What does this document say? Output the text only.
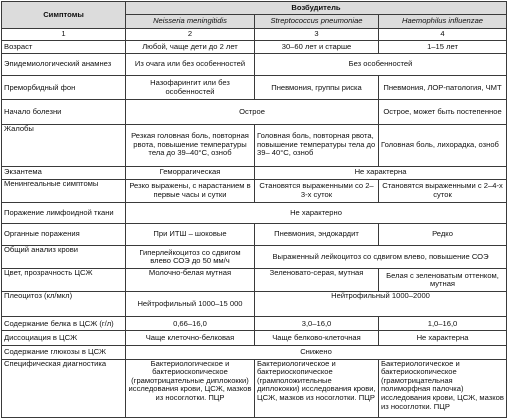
Симптомы	Возбудитель		
	Neisseria meningitidis	Streptococcus pneumoniae	Haemophilus influenzae
1	2	3	4
Возраст	Любой, чаще дети до 2 лет	30–60 лет и старше	1–15 лет
Эпидемиологический анамнез	Из очага или без особенностей	Без особенностей	
Преморбидный фон	Назофарингит или без особенностей	Пневмония, группы риска	Пневмония, ЛОР-патология, ЧМТ
Начало болезни	Острое		Острое, может быть постепенное
Жалобы	Резкая головная боль, повторная рвота, повышение температуры тела до 39–40°С, озноб	Головная боль, повторная рвота, повышение температуры тела до 39– 40°С, озноб	Головная боль, лихорадка, озноб
Экзантема	Геморрагическая	Не характерна	
Менингеальные симптомы	Резко выражены, с нарастанием в первые часы и сутки	Становятся выраженными со 2–3-х суток	Становятся выраженными с 2–4-х суток
Поражение лимфоидной ткани	Не характерно		
Органные поражения	При ИТШ – шоковые	Пневмония, эндокардит	Редко
Общий анализ крови	Гиперлейкоцитоз со сдвигом влево СОЭ до 50 мм/ч	Выраженный лейкоцитоз со сдвигом влево, повышение СОЭ	
Цвет, прозрачность ЦСЖ	Молочно-белая мутная	Зеленовато-серая, мутная	Белая с зеленоватым оттенком, мутная
Плеоцитоз (кл/мкл)	Нейтрофильный 1000–15 000	Нейтрофильный 1000–2000	
Содержание белка в ЦСЖ (г/л)	0,66–16,0	3,0–16,0	1,0–16,0
Диссоциация в ЦСЖ	Чаще клеточно-белковая	Чаще белково-клеточная	Не характерна
Содержание глюкозы в ЦСЖ	Снижено		
Специфическая диагностика	Бактериологическое и бактериоскопическое (грамотрицательные диплококки) исследования крови, ЦСЖ, мазков из носоглотки. ПЦР	Бактериологическое и бактериоскопическое (грамположительные диплококки) исследования крови, ЦСЖ, мазков из носоглотки. ПЦР	Бактериологическое и бактериоскопическое (грамотрицательная полиморфная палочка) исследования крови, ЦСЖ, мазков из носоглотки. ПЦР
